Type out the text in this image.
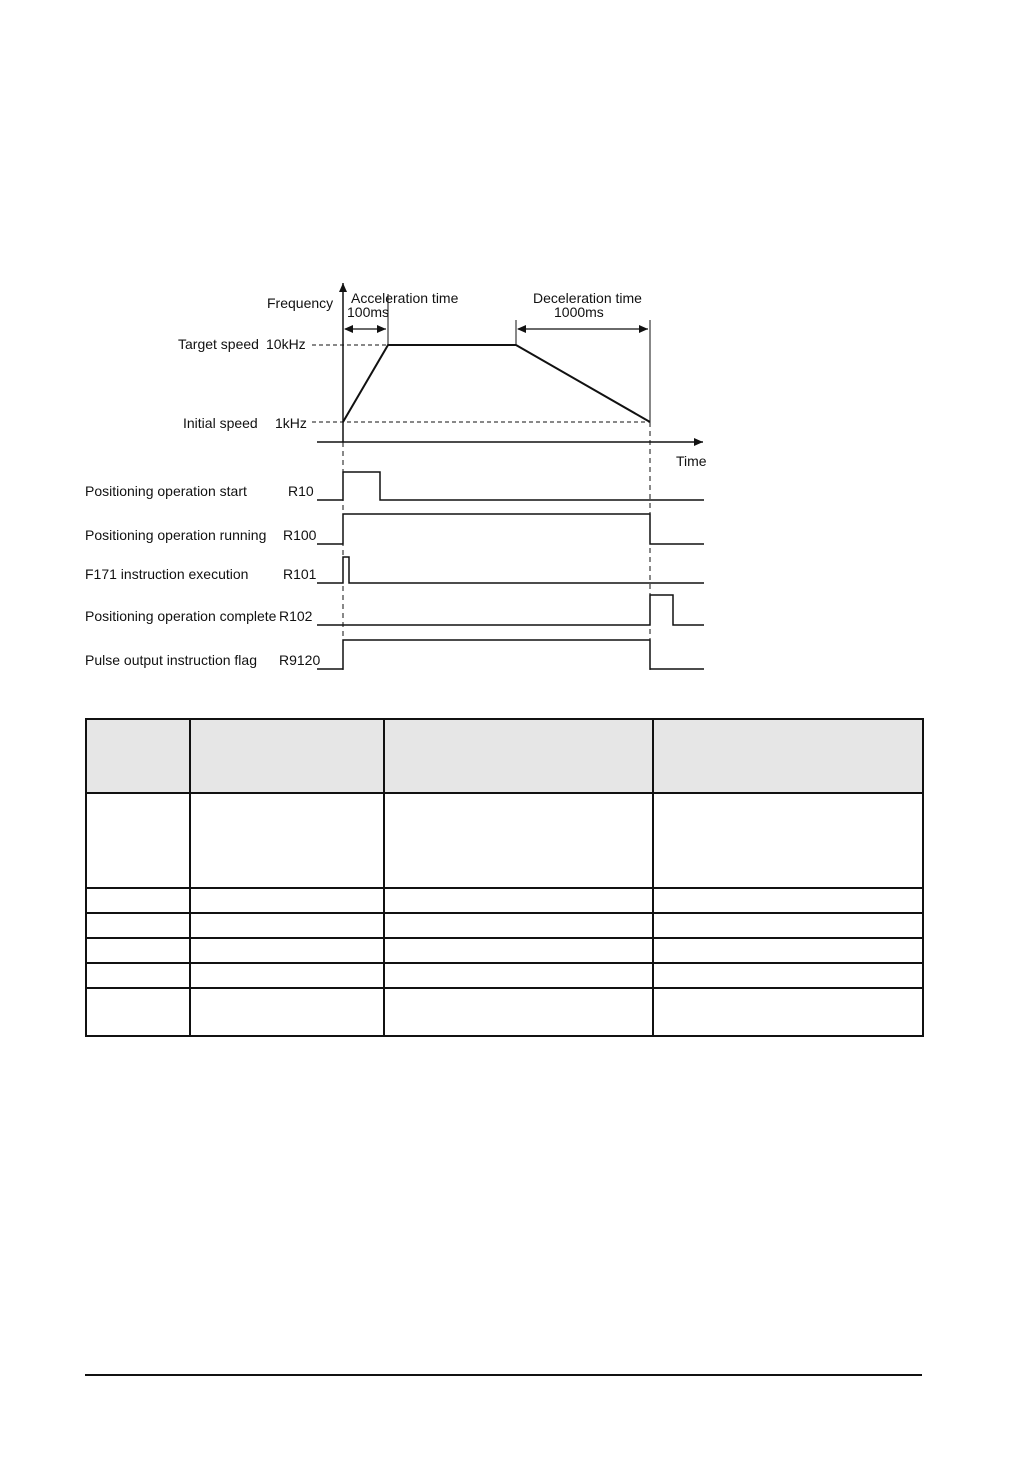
Frequency
Time
Target speed 10kHz
Initial speed 1kHz
Acceleration time
100ms
Deceleration time
1000ms
Positioning operation start	R10
Positioning operation running R100
F171 instruction execution R101
Positioning operation complete R102
Pulse output instruction flag R9120
